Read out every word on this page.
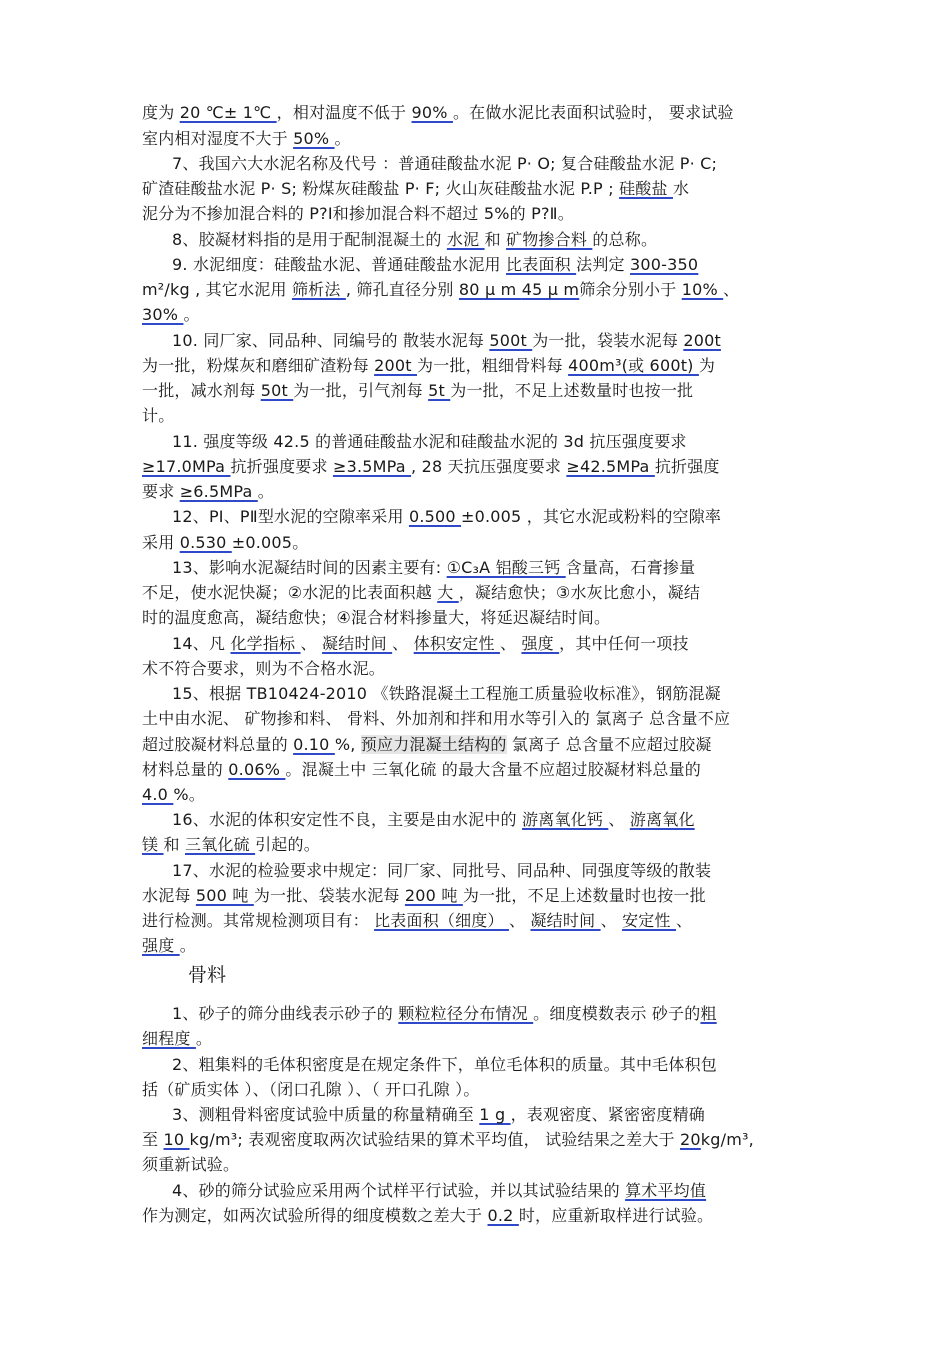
度为 20 ℃± 1℃ ，相对温度不低于 90% 。在做水泥比表面积试验时， 要求试验
室内相对湿度不大于 50% 。
7、我国六大水泥名称及代号 ：普通硅酸盐水泥 P· O; 复合硅酸盐水泥 P· C;
矿渣硅酸盐水泥 P· S; 粉煤灰硅酸盐 P· F; 火山灰硅酸盐水泥 P.P ; 硅酸盐 水
泥分为不掺加混合料的 P?Ⅰ和掺加混合料不超过 5%的 P?Ⅱ。
8、胶凝材料指的是用于配制混凝土的 水泥 和 矿物掺合料 的总称。
9. 水泥细度：硅酸盐水泥、普通硅酸盐水泥用 比表面积 法判定 300-350
m²/kg , 其它水泥用 筛析法 , 筛孔直径分别 80 μ m 45 μ m筛余分别小于 10% 、
30% 。
10. 同厂家、同品种、同编号的 散装水泥每 500t 为一批，袋装水泥每 200t
为一批，粉煤灰和磨细矿渣粉每 200t 为一批，粗细骨料每 400m³(或 600t) 为
一批，减水剂每 50t 为一批，引气剂每 5t 为一批，不足上述数量时也按一批
计。
11. 强度等级 42.5 的普通硅酸盐水泥和硅酸盐水泥的 3d 抗压强度要求
≥17.0MPa 抗折强度要求 ≥3.5MPa , 28 天抗压强度要求 ≥42.5MPa 抗折强度
要求 ≥6.5MPa 。
12、PⅠ、PⅡ型水泥的空隙率采用 0.500 ±0.005 ，其它水泥或粉料的空隙率
采用 0.530 ±0.005。
13、影响水泥凝结时间的因素主要有: ①C₃A 铝酸三钙 含量高，石膏掺量
不足，使水泥快凝；②水泥的比表面积越 大 ，凝结愈快；③水灰比愈小，凝结
时的温度愈高，凝结愈快；④混合材料掺量大，将延迟凝结时间。
14、凡 化学指标 、 凝结时间 、 体积安定性 、 强度 ，其中任何一项技
术不符合要求，则为不合格水泥。
15、根据 TB10424-2010 《铁路混凝土工程施工质量验收标准》，钢筋混凝
土中由水泥、 矿物掺和料、 骨料、外加剂和拌和用水等引入的 氯离子 总含量不应
超过胶凝材料总量的 0.10 %, 预应力混凝土结构的 氯离子 总含量不应超过胶凝
材料总量的 0.06% 。混凝土中 三氧化硫 的最大含量不应超过胶凝材料总量的
4.0 %。
16、水泥的体积安定性不良，主要是由水泥中的 游离氧化钙 、 游离氧化
镁 和 三氧化硫 引起的。
17、水泥的检验要求中规定：同厂家、同批号、同品种、同强度等级的散装
水泥每 500 吨 为一批、袋装水泥每 200 吨 为一批，不足上述数量时也按一批
进行检测。其常规检测项目有： 比表面积（细度） 、 凝结时间 、 安定性 、
强度 。
1、砂子的筛分曲线表示砂子的 颗粒粒径分布情况 。细度模数表示 砂子的粗
细程度 。
2、粗集料的毛体积密度是在规定条件下，单位毛体积的质量。其中毛体积包
括（矿质实体 ）、（闭口孔隙 ）、（ 开口孔隙 ）。
3、测粗骨料密度试验中质量的称量精确至 1 g ，表观密度、紧密密度精确
至 10 kg/m³; 表观密度取两次试验结果的算术平均值， 试验结果之差大于 20kg/m³,
须重新试验。
4、砂的筛分试验应采用两个试样平行试验，并以其试验结果的 算术平均值
作为测定，如两次试验所得的细度模数之差大于 0.2 时，应重新取样进行试验。
骨料
